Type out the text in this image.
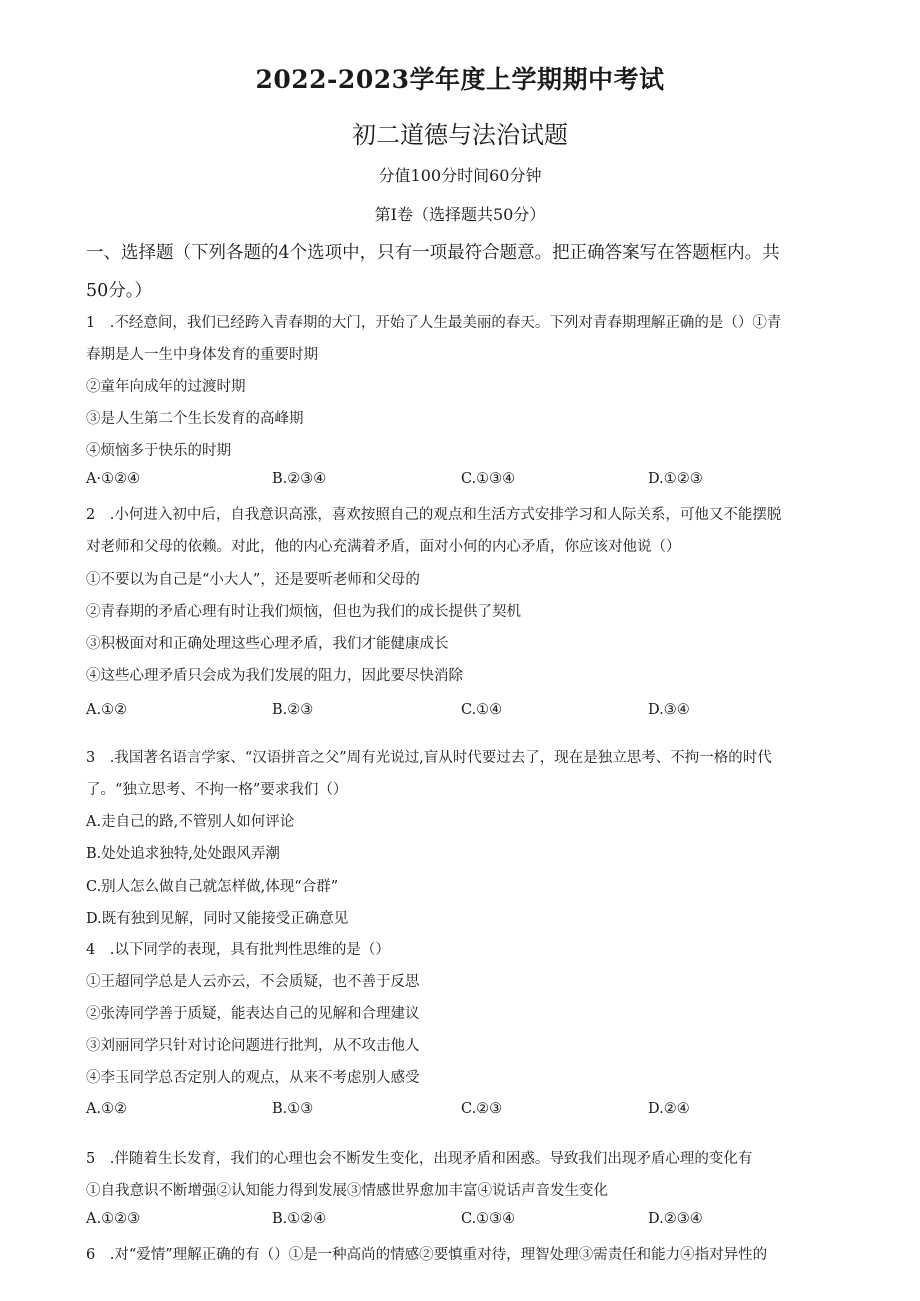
2022-2023学年度上学期期中考试
初二道德与法治试题
分值100分时间60分钟
第I卷（选择题共50分）
一、选择题（下列各题的4个选项中，只有一项最符合题意。把正确答案写在答题框内。共
50分。）
1　.不经意间，我们已经跨入青春期的大门，开始了人生最美丽的春天。下列对青春期理解正确的是（）①青
春期是人一生中身体发育的重要时期
②童年向成年的过渡时期
③是人生第二个生长发育的高峰期
④烦恼多于快乐的时期
A·①②④	B.②③④	C.①③④	D.①②③
2　.小何进入初中后，自我意识高涨，喜欢按照自己的观点和生活方式安排学习和人际关系，可他又不能摆脱
对老师和父母的依赖。对此，他的内心充满着矛盾，面对小何的内心矛盾，你应该对他说（）
①不要以为自己是“小大人”，还是要听老师和父母的
②青春期的矛盾心理有时让我们烦恼，但也为我们的成长提供了契机
③积极面对和正确处理这些心理矛盾，我们才能健康成长
④这些心理矛盾只会成为我们发展的阻力，因此要尽快消除
A.①②	B.②③	C.①④	D.③④
3　.我国著名语言学家、“汉语拼音之父”周有光说过,盲从时代要过去了，现在是独立思考、不拘一格的时代
了。“独立思考、不拘一格”要求我们（）
A.走自己的路,不管别人如何评论
B.处处追求独特,处处跟风弄潮
C.别人怎么做自己就怎样做,体现“合群”
D.既有独到见解，同时又能接受正确意见
4　.以下同学的表现，具有批判性思维的是（）
①王超同学总是人云亦云，不会质疑，也不善于反思
②张涛同学善于质疑，能表达自己的见解和合理建议
③刘丽同学只针对讨论问题进行批判，从不攻击他人
④李玉同学总否定别人的观点，从来不考虑别人感受
A.①②	B.①③	C.②③	D.②④
5　.伴随着生长发育，我们的心理也会不断发生变化，出现矛盾和困惑。导致我们出现矛盾心理的变化有
①自我意识不断增强②认知能力得到发展③情感世界愈加丰富④说话声音发生变化
A.①②③	B.①②④	C.①③④	D.②③④
6　.对“爱情”理解正确的有（）①是一种高尚的情感②要慎重对待，理智处理③需责任和能力④指对异性的
